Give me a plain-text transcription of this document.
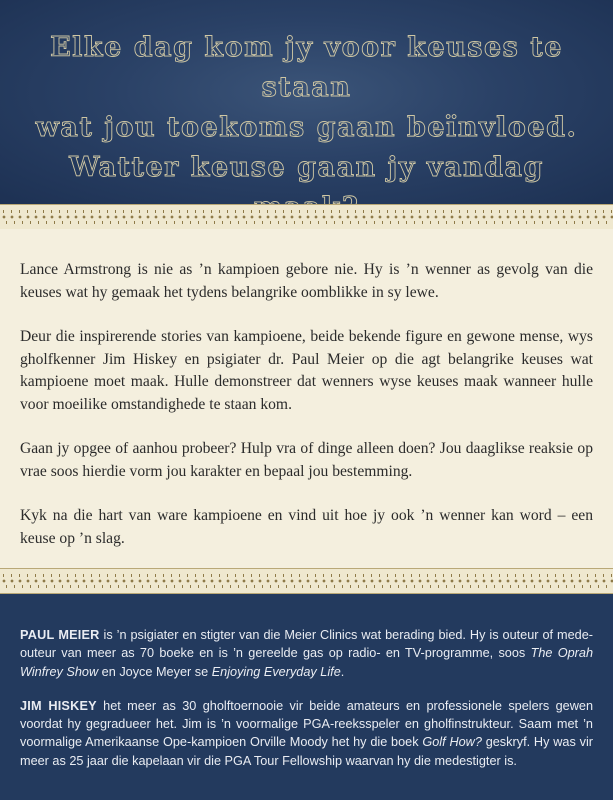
Elke dag kom jy voor keuses te staan
wat jou toekoms gaan beïnvloed.
Watter keuse gaan jy vandag

Lance Armstrong is nie as ’n kampioen gebore nie. Hy is ’n wenner as gevolg van die keuses wat hy gemaak het tydens belangrike oomblikke in sy lewe.

Deur die inspirerende stories van kampioene, beide bekende figure en gewone mense, wys gholfkenner Jim Hiskey en psigiater dr. Paul Meier op die agt belangrike keuses wat kampioene moet maak. Hulle demonstreer dat wenners wyse keuses maak wanneer hulle voor moeilike omstandighede te staan kom.

Gaan jy opgee of aanhou probeer? Hulp vra of dinge alleen doen? Jou daaglikse reaksie op vrae soos hierdie vorm jou karakter en bepaal jou bestemming.

Kyk na die hart van ware kampioene en vind uit hoe jy ook ’n wenner kan word – een keuse op ’n slag.

PAUL MEIER is ’n psigiater en stigter van die Meier Clinics wat berading bied. Hy is outeur of mede-outeur van meer as 70 boeke en is ’n gereelde gas op radio- en TV-programme, soos The Oprah Winfrey Show en Joyce Meyer se Enjoying Everyday Life.

JIM HISKEY het meer as 30 gholftoernooie vir beide amateurs en professionele spelers gewen voordat hy gegradueer het. Jim is ’n voormalige PGA-reeksspeler en gholfinstrukteur. Saam met ’n voormalige Amerikaanse Ope-kampioen Orville Moody het hy die boek Golf How? geskryf. Hy was vir meer as 25 jaar die kapelaan vir die PGA Tour Fellowship waarvan hy die medestigter is.
